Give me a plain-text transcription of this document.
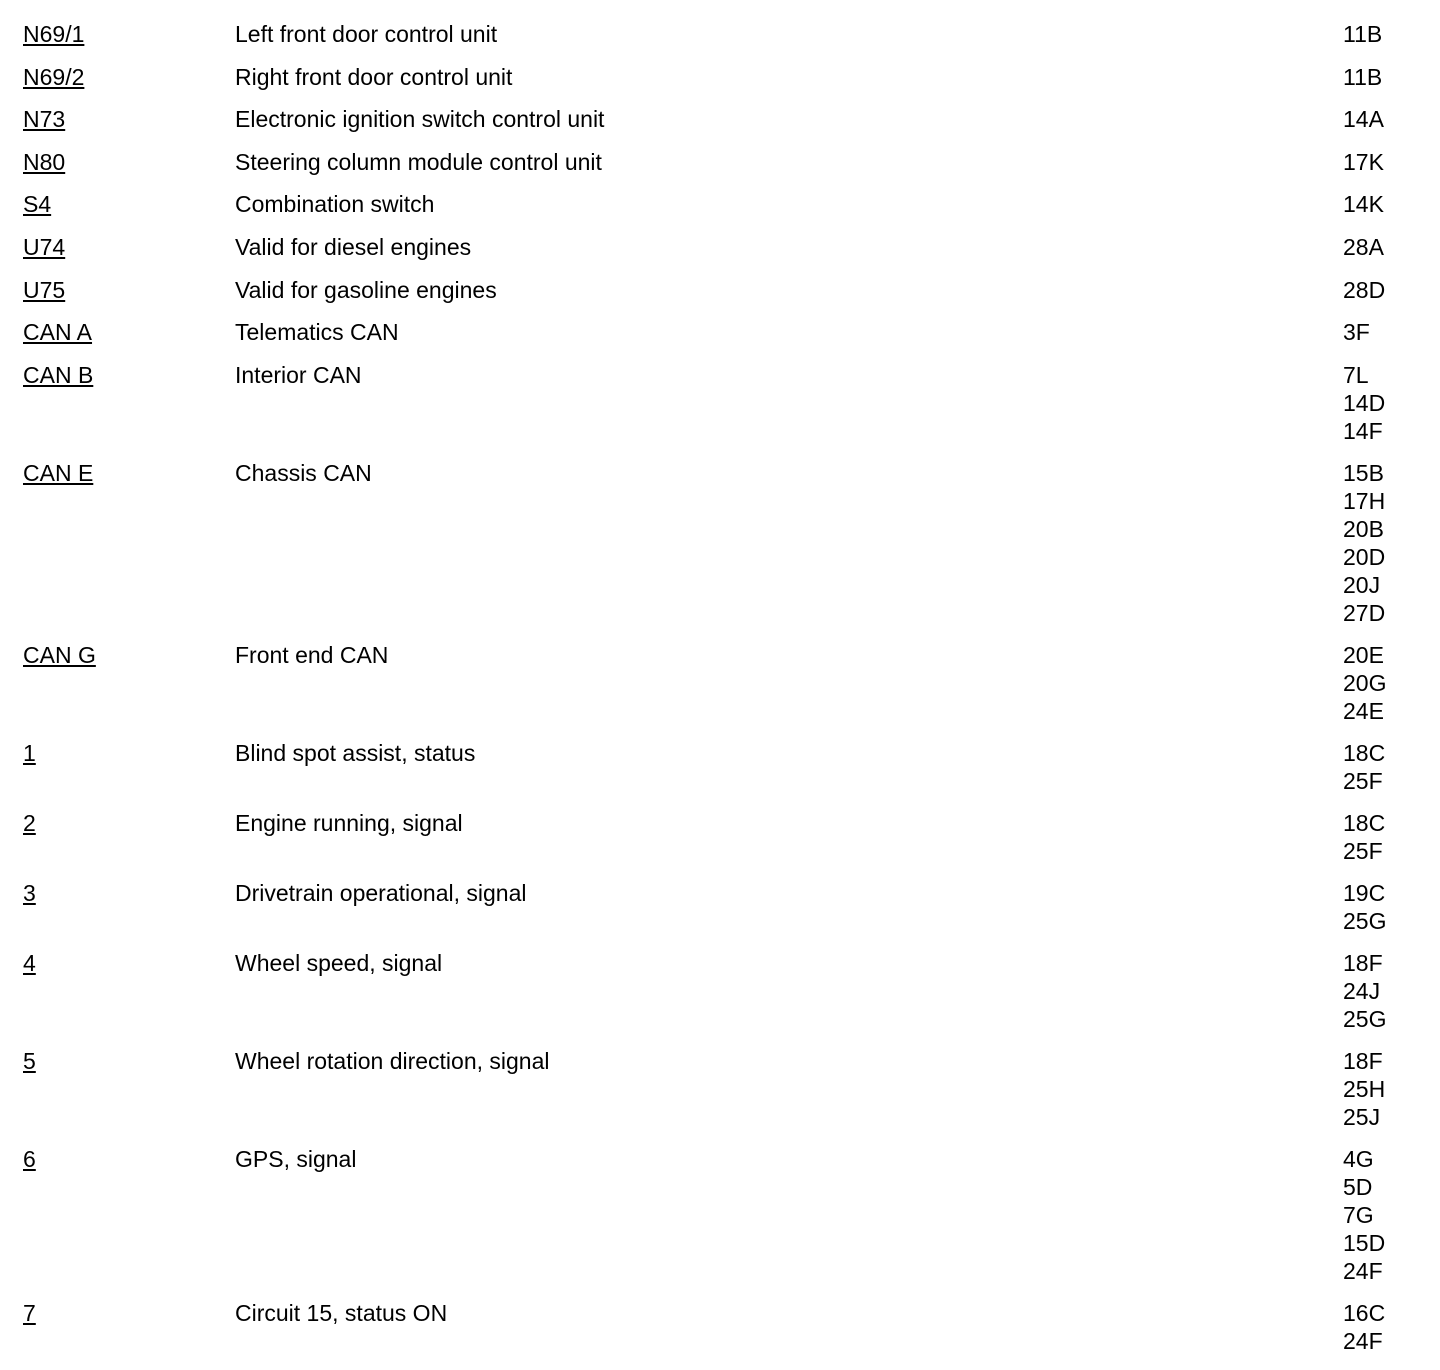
N69/1	Left front door control unit	11B
N69/2	Right front door control unit	11B
N73	Electronic ignition switch control unit	14A
N80	Steering column module control unit	17K
S4	Combination switch	14K
U74	Valid for diesel engines	28A
U75	Valid for gasoline engines	28D
CAN A	Telematics CAN	3F
CAN B	Interior CAN	7L
14D
14F
CAN E	Chassis CAN	15B
17H
20B
20D
20J
27D
CAN G	Front end CAN	20E
20G
24E
1	Blind spot assist, status	18C
25F
2	Engine running, signal	18C
25F
3	Drivetrain operational, signal	19C
25G
4	Wheel speed, signal	18F
24J
25G
5	Wheel rotation direction, signal	18F
25H
25J
6	GPS, signal	4G
5D
7G
15D
24F
7	Circuit 15, status ON	16C
24F
